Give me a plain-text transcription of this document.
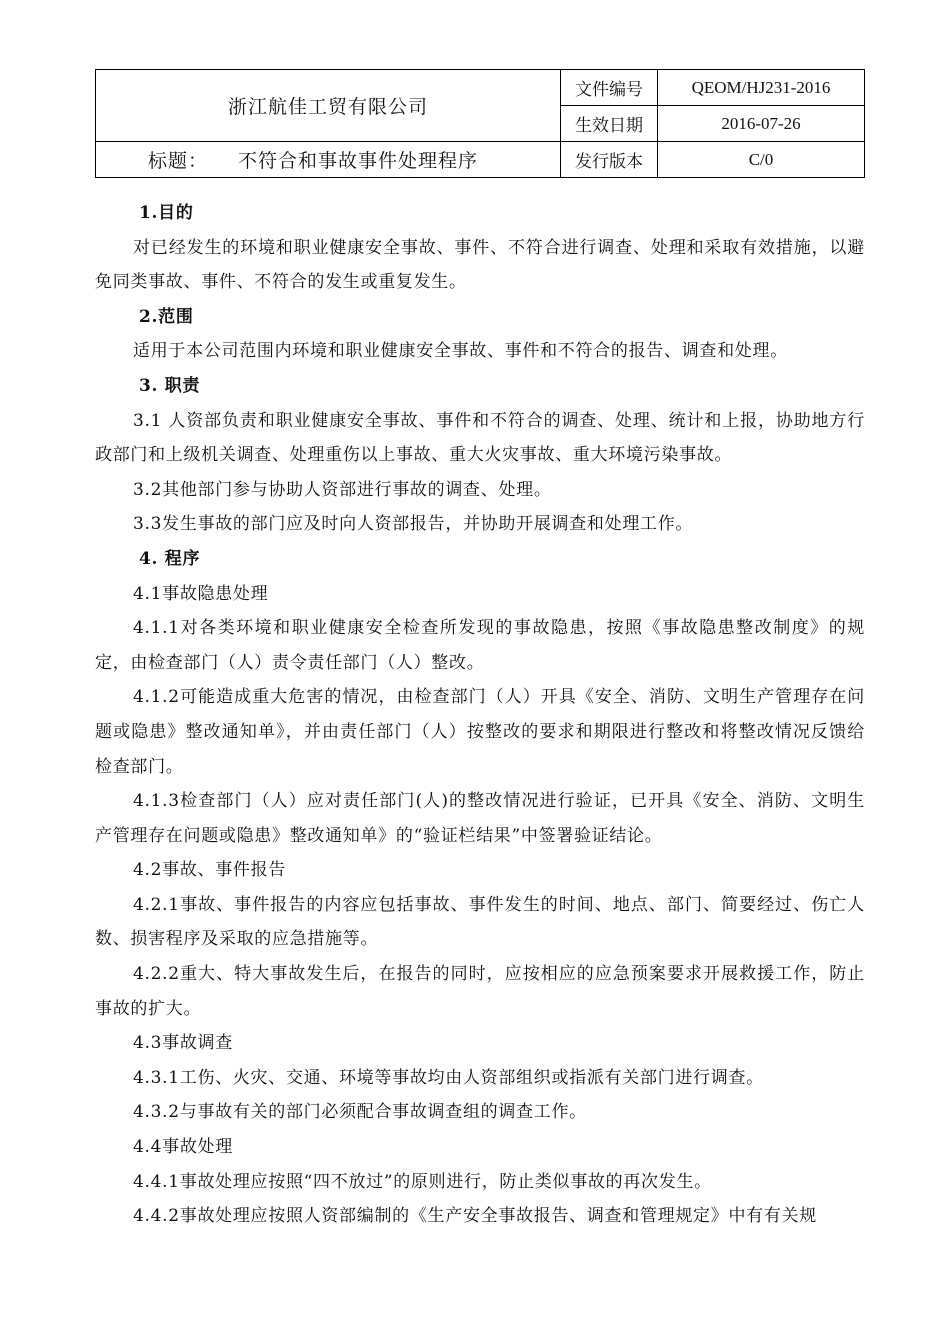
浙江航佳工贸有限公司	文件编号	QEOM/HJ231-2016
	生效日期	2016-07-26
标题： 不符合和事故事件处理程序	发行版本	C/0

1.目的

对已经发生的环境和职业健康安全事故、事件、不符合进行调查、处理和采取有效措施，以避免同类事故、事件、不符合的发生或重复发生。

2.范围

适用于本公司范围内环境和职业健康安全事故、事件和不符合的报告、调查和处理。

3. 职责

3.1 人资部负责和职业健康安全事故、事件和不符合的调查、处理、统计和上报，协助地方行政部门和上级机关调查、处理重伤以上事故、重大火灾事故、重大环境污染事故。

3.2其他部门参与协助人资部进行事故的调查、处理。

3.3发生事故的部门应及时向人资部报告，并协助开展调查和处理工作。

4. 程序

4.1事故隐患处理

4.1.1对各类环境和职业健康安全检查所发现的事故隐患，按照《事故隐患整改制度》的规定，由检查部门（人）责令责任部门（人）整改。

4.1.2可能造成重大危害的情况，由检查部门（人）开具《安全、消防、文明生产管理存在问题或隐患》整改通知单》，并由责任部门（人）按整改的要求和期限进行整改和将整改情况反馈给检查部门。

4.1.3检查部门（人）应对责任部门(人)的整改情况进行验证，已开具《安全、消防、文明生产管理存在问题或隐患》整改通知单》的“验证栏结果”中签署验证结论。

4.2事故、事件报告

4.2.1事故、事件报告的内容应包括事故、事件发生的时间、地点、部门、简要经过、伤亡人数、损害程序及采取的应急措施等。

4.2.2重大、特大事故发生后，在报告的同时，应按相应的应急预案要求开展救援工作，防止事故的扩大。

4.3事故调查

4.3.1工伤、火灾、交通、环境等事故均由人资部组织或指派有关部门进行调查。

4.3.2与事故有关的部门必须配合事故调查组的调查工作。

4.4事故处理

4.4.1事故处理应按照“四不放过”的原则进行，防止类似事故的再次发生。

4.4.2事故处理应按照人资部编制的《生产安全事故报告、调查和管理规定》中有有关规
